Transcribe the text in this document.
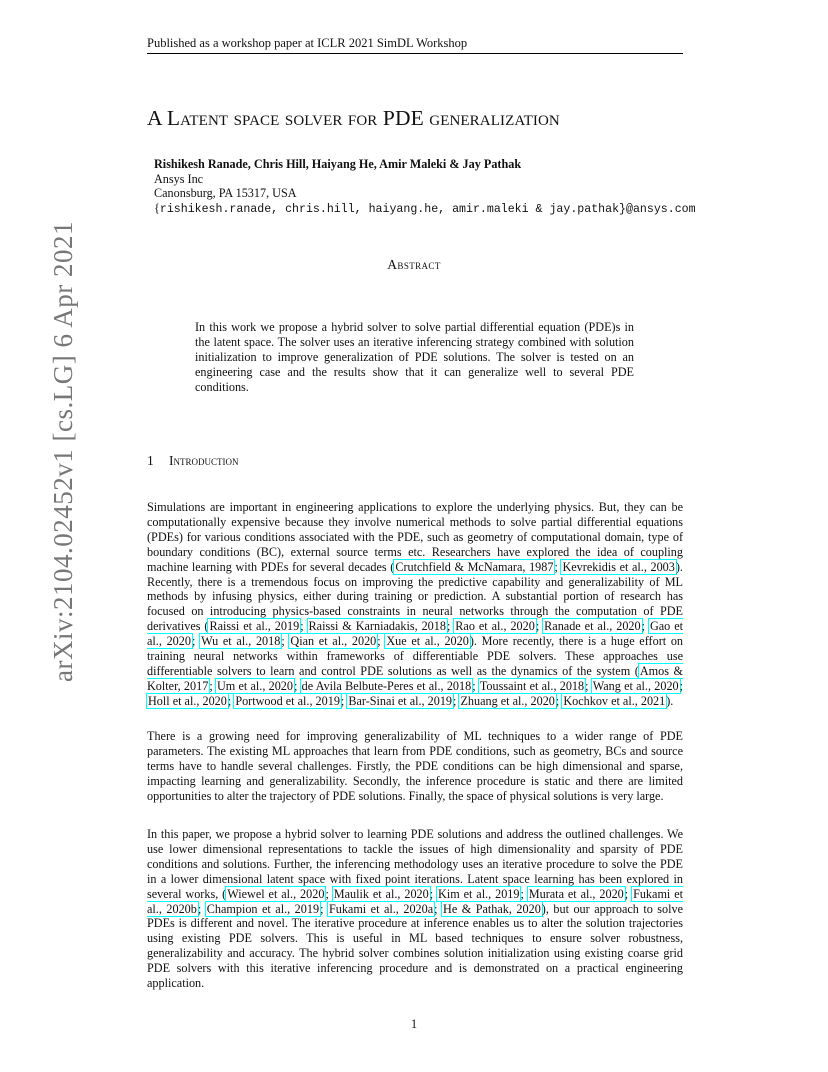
Published as a workshop paper at ICLR 2021 SimDL Workshop
A Latent space solver for PDE generalization
Rishikesh Ranade, Chris Hill, Haiyang He, Amir Maleki & Jay Pathak
Ansys Inc
Canonsburg, PA 15317, USA
{rishikesh.ranade, chris.hill, haiyang.he, amir.maleki & jay.pathak}@ansys.com
Abstract
In this work we propose a hybrid solver to solve partial differential equation (PDE)s in the latent space. The solver uses an iterative inferencing strategy combined with solution initialization to improve generalization of PDE solutions. The solver is tested on an engineering case and the results show that it can generalize well to several PDE conditions.
1 Introduction
Simulations are important in engineering applications to explore the underlying physics. But, they can be computationally expensive because they involve numerical methods to solve partial differential equations (PDEs) for various conditions associated with the PDE, such as geometry of computational domain, type of boundary conditions (BC), external source terms etc. Researchers have explored the idea of coupling machine learning with PDEs for several decades (Crutchfield & McNamara, 1987; Kevrekidis et al., 2003). Recently, there is a tremendous focus on improving the predictive capability and generalizability of ML methods by infusing physics, either during training or prediction. A substantial portion of research has focused on introducing physics-based constraints in neural networks through the computation of PDE derivatives (Raissi et al., 2019; Raissi & Karniadakis, 2018; Rao et al., 2020; Ranade et al., 2020; Gao et al., 2020; Wu et al., 2018; Qian et al., 2020; Xue et al., 2020). More recently, there is a huge effort on training neural networks within frameworks of differentiable PDE solvers. These approaches use differentiable solvers to learn and control PDE solutions as well as the dynamics of the system (Amos & Kolter, 2017; Um et al., 2020; de Avila Belbute-Peres et al., 2018; Toussaint et al., 2018; Wang et al., 2020; Holl et al., 2020; Portwood et al., 2019; Bar-Sinai et al., 2019; Zhuang et al., 2020; Kochkov et al., 2021).
There is a growing need for improving generalizability of ML techniques to a wider range of PDE parameters. The existing ML approaches that learn from PDE conditions, such as geometry, BCs and source terms have to handle several challenges. Firstly, the PDE conditions can be high dimensional and sparse, impacting learning and generalizability. Secondly, the inference procedure is static and there are limited opportunities to alter the trajectory of PDE solutions. Finally, the space of physical solutions is very large.
In this paper, we propose a hybrid solver to learning PDE solutions and address the outlined challenges. We use lower dimensional representations to tackle the issues of high dimensionality and sparsity of PDE conditions and solutions. Further, the inferencing methodology uses an iterative procedure to solve the PDE in a lower dimensional latent space with fixed point iterations. Latent space learning has been explored in several works, (Wiewel et al., 2020; Maulik et al., 2020; Kim et al., 2019; Murata et al., 2020; Fukami et al., 2020b; Champion et al., 2019; Fukami et al., 2020a; He & Pathak, 2020), but our approach to solve PDEs is different and novel. The iterative procedure at inference enables us to alter the solution trajectories using existing PDE solvers. This is useful in ML based techniques to ensure solver robustness, generalizability and accuracy. The hybrid solver combines solution initialization using existing coarse grid PDE solvers with this iterative inferencing procedure and is demonstrated on a practical engineering application.
arXiv:2104.02452v1 [cs.LG] 6 Apr 2021
1
